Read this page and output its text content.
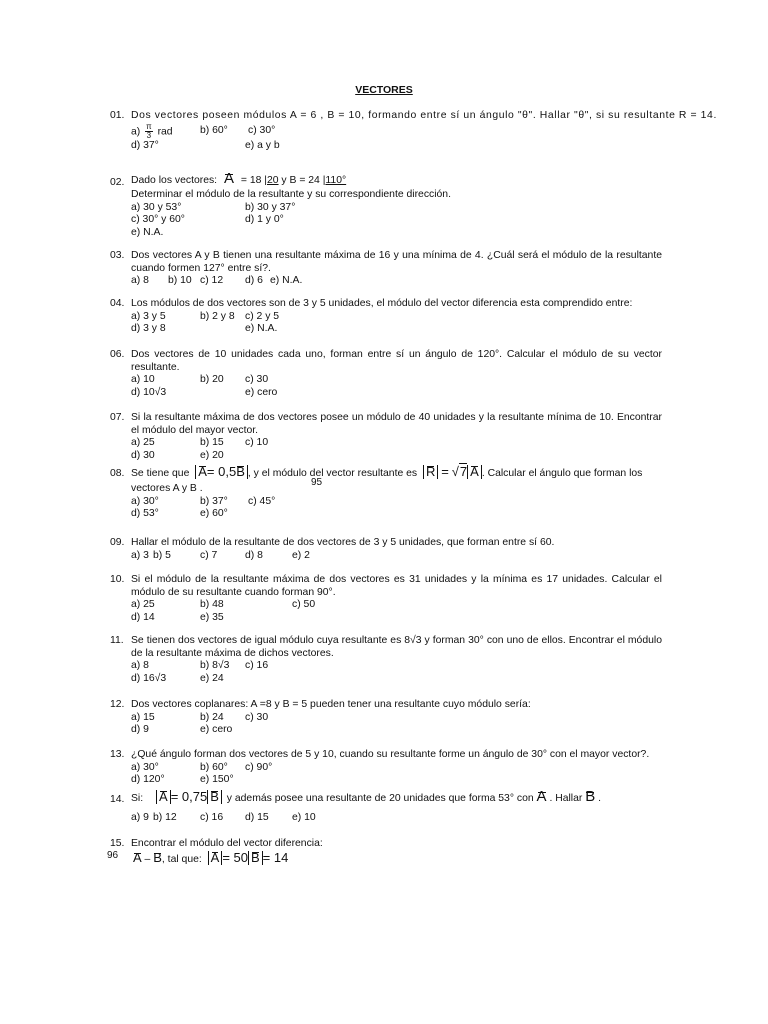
VECTORES
01. Dos vectores poseen módulos A = 6 , B = 10, formando entre sí un ángulo "θ". Hallar "θ", si su resultante R = 14.
$a) \frac{\pi}{3}$ rad	b) 60° c) 30°
d) 37°	e) a y b
02. Dado los vectores: A = 18 |20 y B = 24 |110°
Determinar el módulo de la resultante y su correspondiente dirección.
a) 30 y 53°	b) 30 y 37°
c) 30° y 60°	d) 1 y 0°
e) N.A.
03. Dos vectores A y B tienen una resultante máxima de 16 y una mínima de 4. ¿Cuál será el módulo de la resultante cuando formen 127° entre sí?.
a) 8 b) 10 c) 12 d) 6 e) N.A.
04. Los módulos de dos vectores son de 3 y 5 unidades, el módulo del vector diferencia esta comprendido entre:
a) 3 y 5	b) 2 y 8 c) 2 y 5
d) 3 y 8	e) N.A.
06. Dos vectores de 10 unidades cada uno, forman entre sí un ángulo de 120°. Calcular el módulo de su vector resultante.
a) 10	b) 20 c) 30
d) 10√3	e) cero
07. Si la resultante máxima de dos vectores posee un módulo de 40 unidades y la resultante mínima de 10. Encontrar el módulo del mayor vector.
a) 25	b) 15 c) 10
d) 30	e) 20
08. Se tiene que A= 0,5B , y el módulo del vector resultante es R = √7 A . Calcular el ángulo que forman los
vectores A y B .
95
a) 30°	b) 37° c) 45°
d) 53°	e) 60°
09. Hallar el módulo de la resultante de dos vectores de 3 y 5 unidades, que forman entre sí 60.
a) 3 b) 5	c) 7	d) 8	e) 2
10. Si el módulo de la resultante máxima de dos vectores es 31 unidades y la mínima es 17 unidades. Calcular el módulo de su resultante cuando forman 90°.
a) 25	b) 48	c) 50
d) 14	e) 35
11. Se tienen dos vectores de igual módulo cuya resultante es 8√3 y forman 30° con uno de ellos. Encontrar el módulo de la resultante máxima de dichos vectores.
a) 8	b) 8√3 c) 16
d) 16√3	e) 24
12. Dos vectores coplanares: A =8 y B = 5 pueden tener una resultante cuyo módulo sería:
a) 15	b) 24 c) 30
d) 9	e) cero
13. ¿Qué ángulo forman dos vectores de 5 y 10, cuando su resultante forme un ángulo de 30° con el mayor vector?.
a) 30°	b) 60° c) 90°
d) 120°	e) 150°
14. Si: A = 0,75 B y además posee una resultante de 20 unidades que forma 53° con A . Hallar B .
a) 9 b) 12 c) 16 d) 15 e) 10
15. Encontrar el módulo del vector diferencia:
A – B, tal que: A = 50 B = 14
96
